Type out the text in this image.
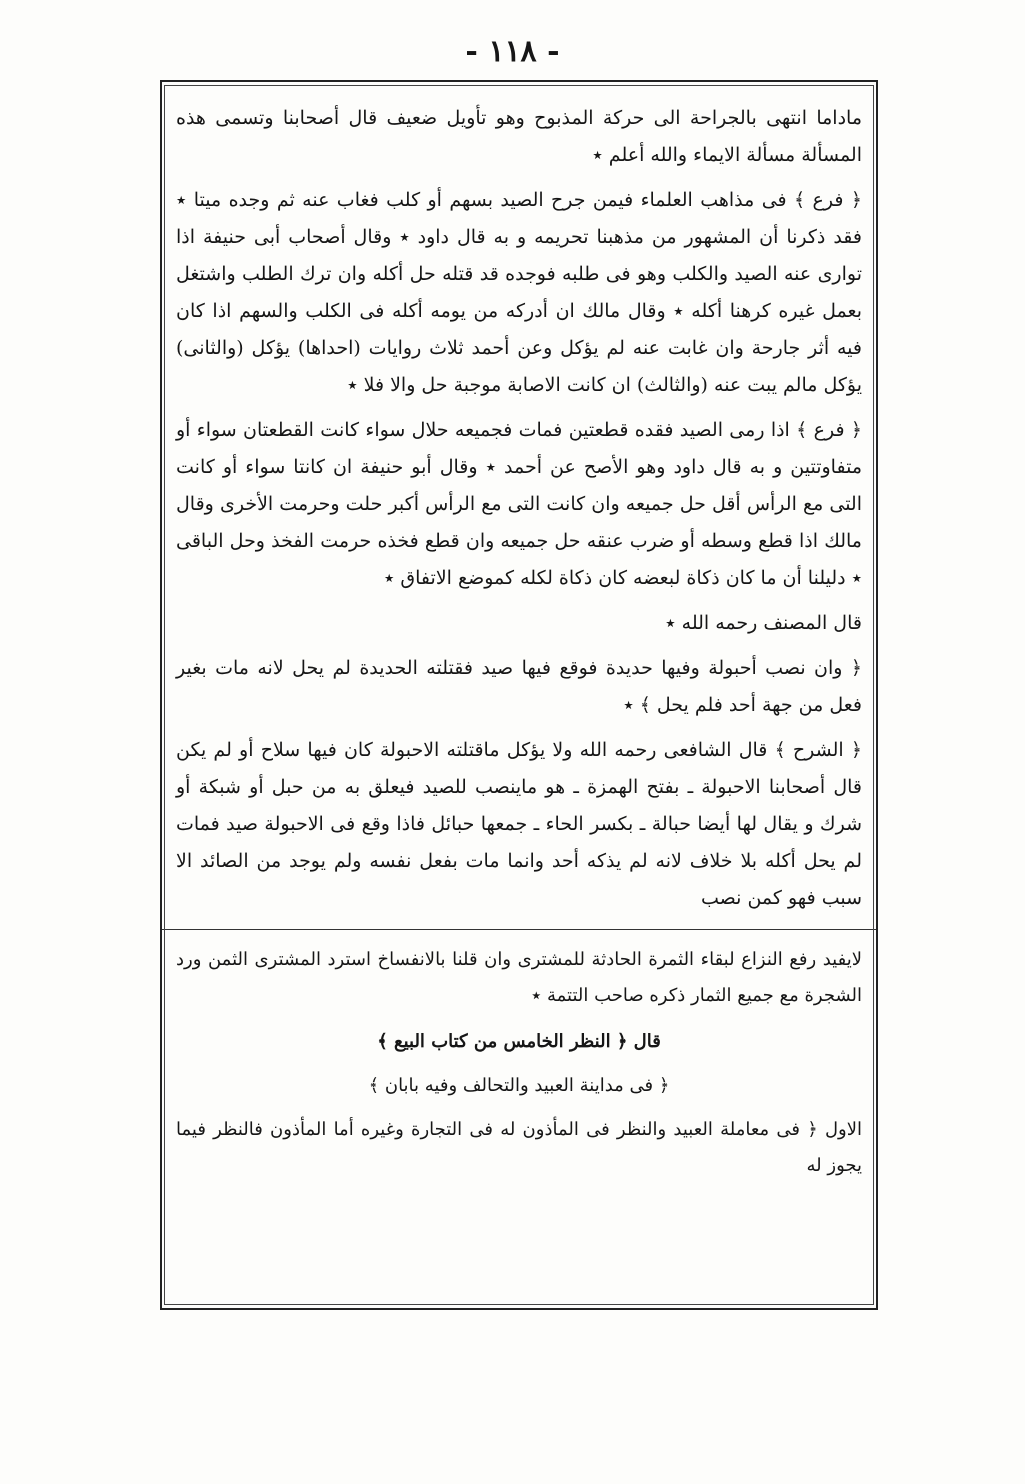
- ١١٨ -

ماداما انتهى بالجراحة الى حركة المذبوح وهو تأويل ضعيف قال أصحابنا وتسمى هذه المسألة مسألة الايماء والله أعلم ٭

﴿ فرع ﴾ فى مذاهب العلماء فيمن جرح الصيد بسهم أو كلب فغاب عنه ثم وجده ميتا ٭ فقد ذكرنا أن المشهور من مذهبنا تحريمه و به قال داود ٭ وقال أصحاب أبى حنيفة اذا توارى عنه الصيد والكلب وهو فى طلبه فوجده قد قتله حل أكله وان ترك الطلب واشتغل بعمل غيره كرهنا أكله ٭ وقال مالك ان أدركه من يومه أكله فى الكلب والسهم اذا كان فيه أثر جارحة وان غابت عنه لم يؤكل وعن أحمد ثلاث روايات (احداها) يؤكل (والثانى) يؤكل مالم يبت عنه (والثالث) ان كانت الاصابة موجبة حل والا فلا ٭

﴿ فرع ﴾ اذا رمى الصيد فقده قطعتين فمات فجميعه حلال سواء كانت القطعتان سواء أو متفاوتتين و به قال داود وهو الأصح عن أحمد ٭ وقال أبو حنيفة ان كانتا سواء أو كانت التى مع الرأس أقل حل جميعه وان كانت التى مع الرأس أكبر حلت وحرمت الأخرى وقال مالك اذا قطع وسطه أو ضرب عنقه حل جميعه وان قطع فخذه حرمت الفخذ وحل الباقى ٭ دليلنا أن ما كان ذكاة لبعضه كان ذكاة لكله كموضع الاتفاق ٭

قال المصنف رحمه الله ٭

﴿ وان نصب أحبولة وفيها حديدة فوقع فيها صيد فقتلته الحديدة لم يحل لانه مات بغير فعل من جهة أحد فلم يحل ﴾ ٭

﴿ الشرح ﴾ قال الشافعى رحمه الله ولا يؤكل ماقتلته الاحبولة كان فيها سلاح أو لم يكن قال أصحابنا الاحبولة ـ بفتح الهمزة ـ هو ماينصب للصيد فيعلق به من حبل أو شبكة أو شرك و يقال لها أيضا حبالة ـ بكسر الحاء ـ جمعها حبائل فاذا وقع فى الاحبولة صيد فمات لم يحل أكله بلا خلاف لانه لم يذكه أحد وانما مات بفعل نفسه ولم يوجد من الصائد الا سبب فهو كمن نصب

لايفيد رفع النزاع لبقاء الثمرة الحادثة للمشترى وان قلنا بالانفساخ استرد المشترى الثمن ورد الشجرة مع جميع الثمار ذكره صاحب التتمة ٭

قال ﴿ النظر الخامس من كتاب البيع ﴾

﴿ فى مداينة العبيد والتحالف وفيه بابان ﴾

الاول ﴿ فى معاملة العبيد والنظر فى المأذون له فى التجارة وغيره أما المأذون فالنظر فيما يجوز له
